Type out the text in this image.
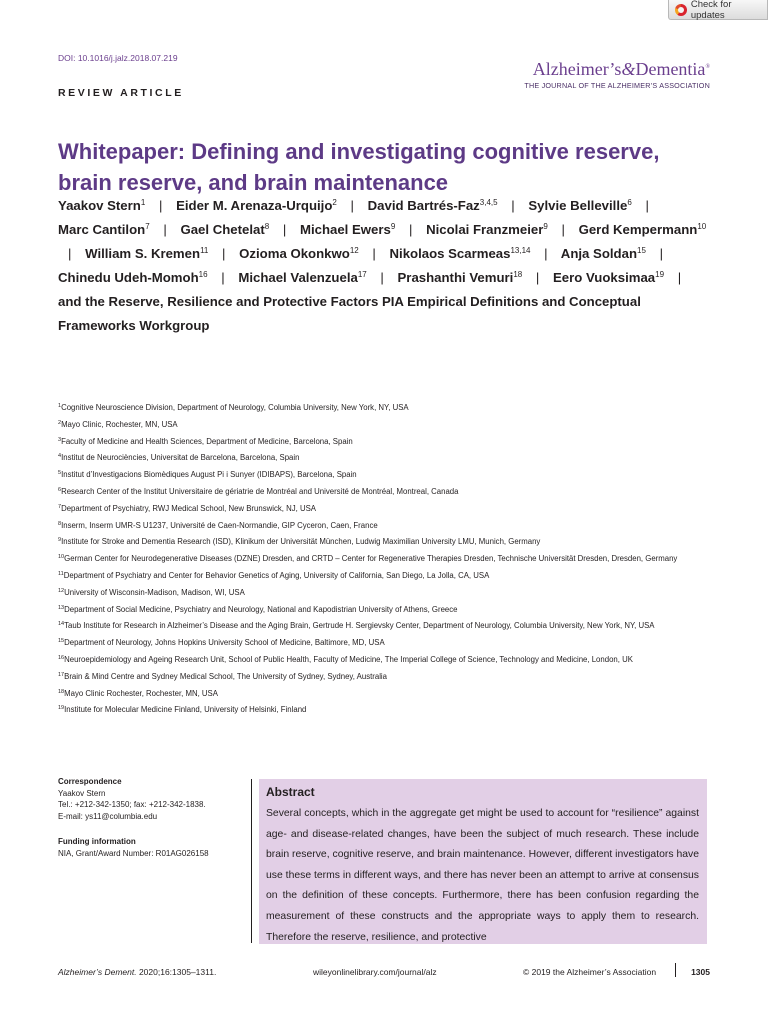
Check for updates
DOI: 10.1016/j.jalz.2018.07.219
Alzheimer’s&Dementia®
THE JOURNAL OF THE ALZHEIMER’S ASSOCIATION
REVIEW ARTICLE
Whitepaper: Defining and investigating cognitive reserve, brain reserve, and brain maintenance
Yaakov Stern$^1$ | Eider M. Arenaza-Urquijo$^2$ | David Bartrés-Faz$^{3,4,5}$ | Sylvie Belleville$^6$ | Marc Cantilon$^7$ | Gael Chetelat$^8$ | Michael Ewers$^9$ | Nicolai Franzmeier$^9$ | Gerd Kempermann$^{10}$ | William S. Kremen$^{11}$ | Ozioma Okonkwo$^{12}$ | Nikolaos Scarmeas$^{13,14}$ | Anja Soldan$^{15}$ | Chinedu Udeh-Momoh$^{16}$ | Michael Valenzuela$^{17}$ | Prashanthi Vemuri$^{18}$ | Eero Vuoksimaa$^{19}$ | and the Reserve, Resilience and Protective Factors PIA Empirical Definitions and Conceptual Frameworks Workgroup
$^1$Cognitive Neuroscience Division, Department of Neurology, Columbia University, New York, NY, USA
$^2$Mayo Clinic, Rochester, MN, USA
$^3$Faculty of Medicine and Health Sciences, Department of Medicine, Barcelona, Spain
$^4$Institut de Neurociències, Universitat de Barcelona, Barcelona, Spain
$^5$Institut d’Investigacions Biomèdiques August Pi i Sunyer (IDIBAPS), Barcelona, Spain
$^6$Research Center of the Institut Universitaire de gériatrie de Montréal and Université de Montréal, Montreal, Canada
$^7$Department of Psychiatry, RWJ Medical School, New Brunswick, NJ, USA
$^8$Inserm, Inserm UMR-S U1237, Université de Caen-Normandie, GIP Cyceron, Caen, France
$^9$Institute for Stroke and Dementia Research (ISD), Klinikum der Universität München, Ludwig Maximilian University LMU, Munich, Germany
$^{10}$German Center for Neurodegenerative Diseases (DZNE) Dresden, and CRTD – Center for Regenerative Therapies Dresden, Technische Universität Dresden, Dresden, Germany
$^{11}$Department of Psychiatry and Center for Behavior Genetics of Aging, University of California, San Diego, La Jolla, CA, USA
$^{12}$University of Wisconsin-Madison, Madison, WI, USA
$^{13}$Department of Social Medicine, Psychiatry and Neurology, National and Kapodistrian University of Athens, Greece
$^{14}$Taub Institute for Research in Alzheimer’s Disease and the Aging Brain, Gertrude H. Sergievsky Center, Department of Neurology, Columbia University, New York, NY, USA
$^{15}$Department of Neurology, Johns Hopkins University School of Medicine, Baltimore, MD, USA
$^{16}$Neuroepidemiology and Ageing Research Unit, School of Public Health, Faculty of Medicine, The Imperial College of Science, Technology and Medicine, London, UK
$^{17}$Brain & Mind Centre and Sydney Medical School, The University of Sydney, Sydney, Australia
$^{18}$Mayo Clinic Rochester, Rochester, MN, USA
$^{19}$Institute for Molecular Medicine Finland, University of Helsinki, Finland
Correspondence
Yaakov Stern
Tel.: +212-342-1350; fax: +212-342-1838.
E-mail: ys11@columbia.edu
Funding information
NIA, Grant/Award Number: R01AG026158
Abstract

Several concepts, which in the aggregate get might be used to account for “resilience” against age- and disease-related changes, have been the subject of much research. These include brain reserve, cognitive reserve, and brain maintenance. However, different investigators have use these terms in different ways, and there has never been an attempt to arrive at consensus on the definition of these concepts. Furthermore, there has been confusion regarding the measurement of these constructs and the appropriate ways to apply them to research. Therefore the reserve, resilience, and protective

Alzheimer’s Dement. 2020;16:1305–1311.	wileyonlinelibrary.com/journal/alz	© 2019 the Alzheimer’s Association	1305
